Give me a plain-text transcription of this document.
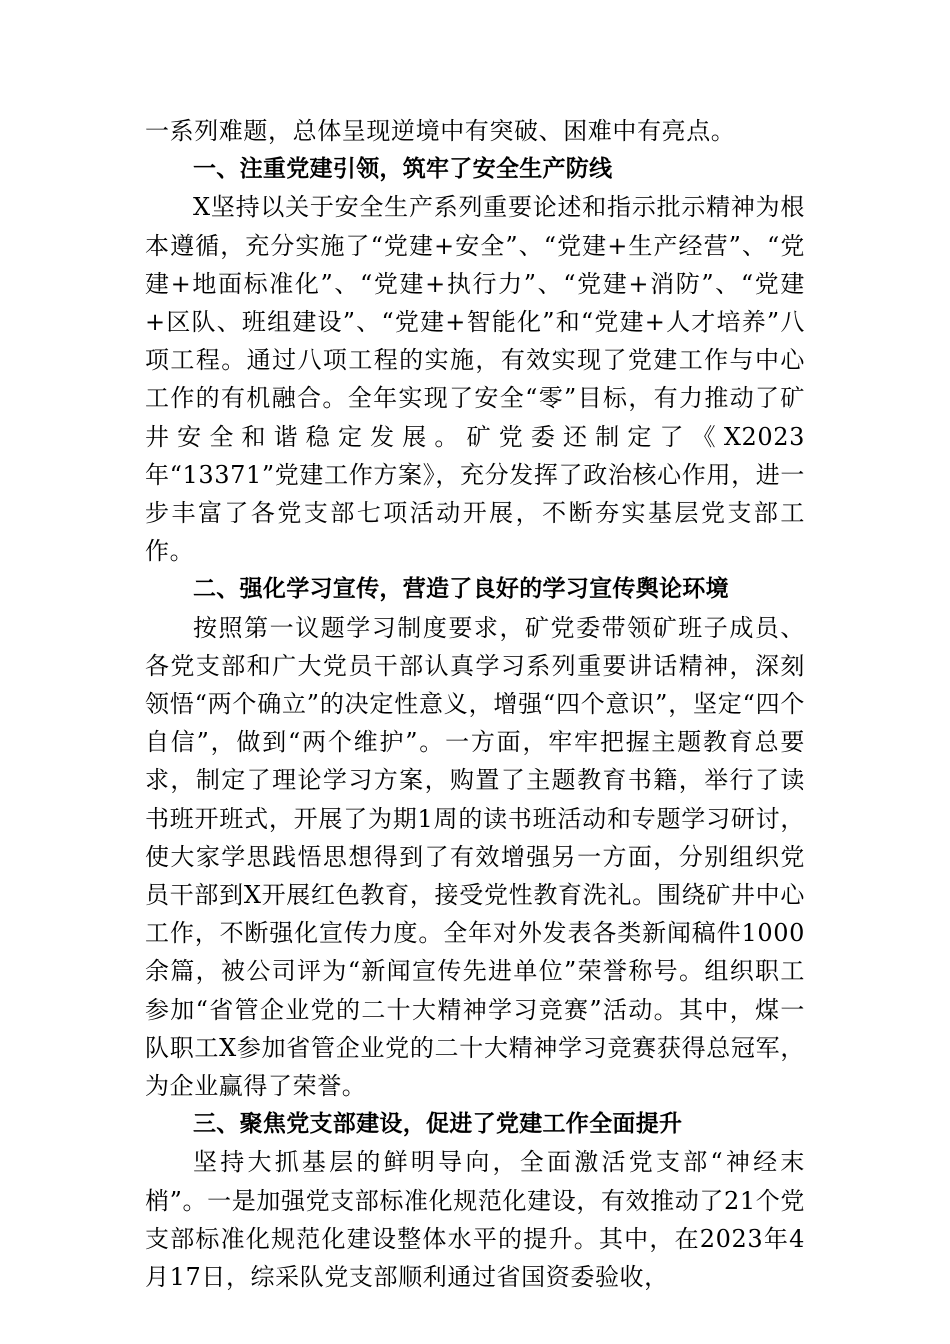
一系列难题，总体呈现逆境中有突破、困难中有亮点。

一、注重党建引领，筑牢了安全生产防线

X坚持以关于安全生产系列重要论述和指示批示精神为根本遵循，充分实施了“党建+安全”、“党建+生产经营”、“党建+地面标准化”、“党建+执行力”、“党建+消防”、“党建+区队、班组建设”、“党建+智能化”和“党建+人才培养”八项工程。通过八项工程的实施，有效实现了党建工作与中心工作的有机融合。全年实现了安全“零”目标，有力推动了矿井安全和谐稳定发展。矿党委还制定了《X2023年“13371”党建工作方案》，充分发挥了政治核心作用，进一步丰富了各党支部七项活动开展，不断夯实基层党支部工作。

二、强化学习宣传，营造了良好的学习宣传舆论环境

按照第一议题学习制度要求，矿党委带领矿班子成员、各党支部和广大党员干部认真学习系列重要讲话精神，深刻领悟“两个确立”的决定性意义，增强“四个意识”，坚定“四个自信”，做到“两个维护”。一方面，牢牢把握主题教育总要求，制定了理论学习方案，购置了主题教育书籍，举行了读书班开班式，开展了为期1周的读书班活动和专题学习研讨，使大家学思践悟思想得到了有效增强另一方面，分别组织党员干部到X开展红色教育，接受党性教育洗礼。围绕矿井中心工作，不断强化宣传力度。全年对外发表各类新闻稿件1000余篇，被公司评为“新闻宣传先进单位”荣誉称号。组织职工参加“省管企业党的二十大精神学习竞赛”活动。其中，煤一队职工X参加省管企业党的二十大精神学习竞赛获得总冠军，为企业赢得了荣誉。

三、聚焦党支部建设，促进了党建工作全面提升

坚持大抓基层的鲜明导向，全面激活党支部“神经末梢”。一是加强党支部标准化规范化建设，有效推动了21个党支部标准化规范化建设整体水平的提升。其中，在2023年4月17日，综采队党支部顺利通过省国资委验收，
